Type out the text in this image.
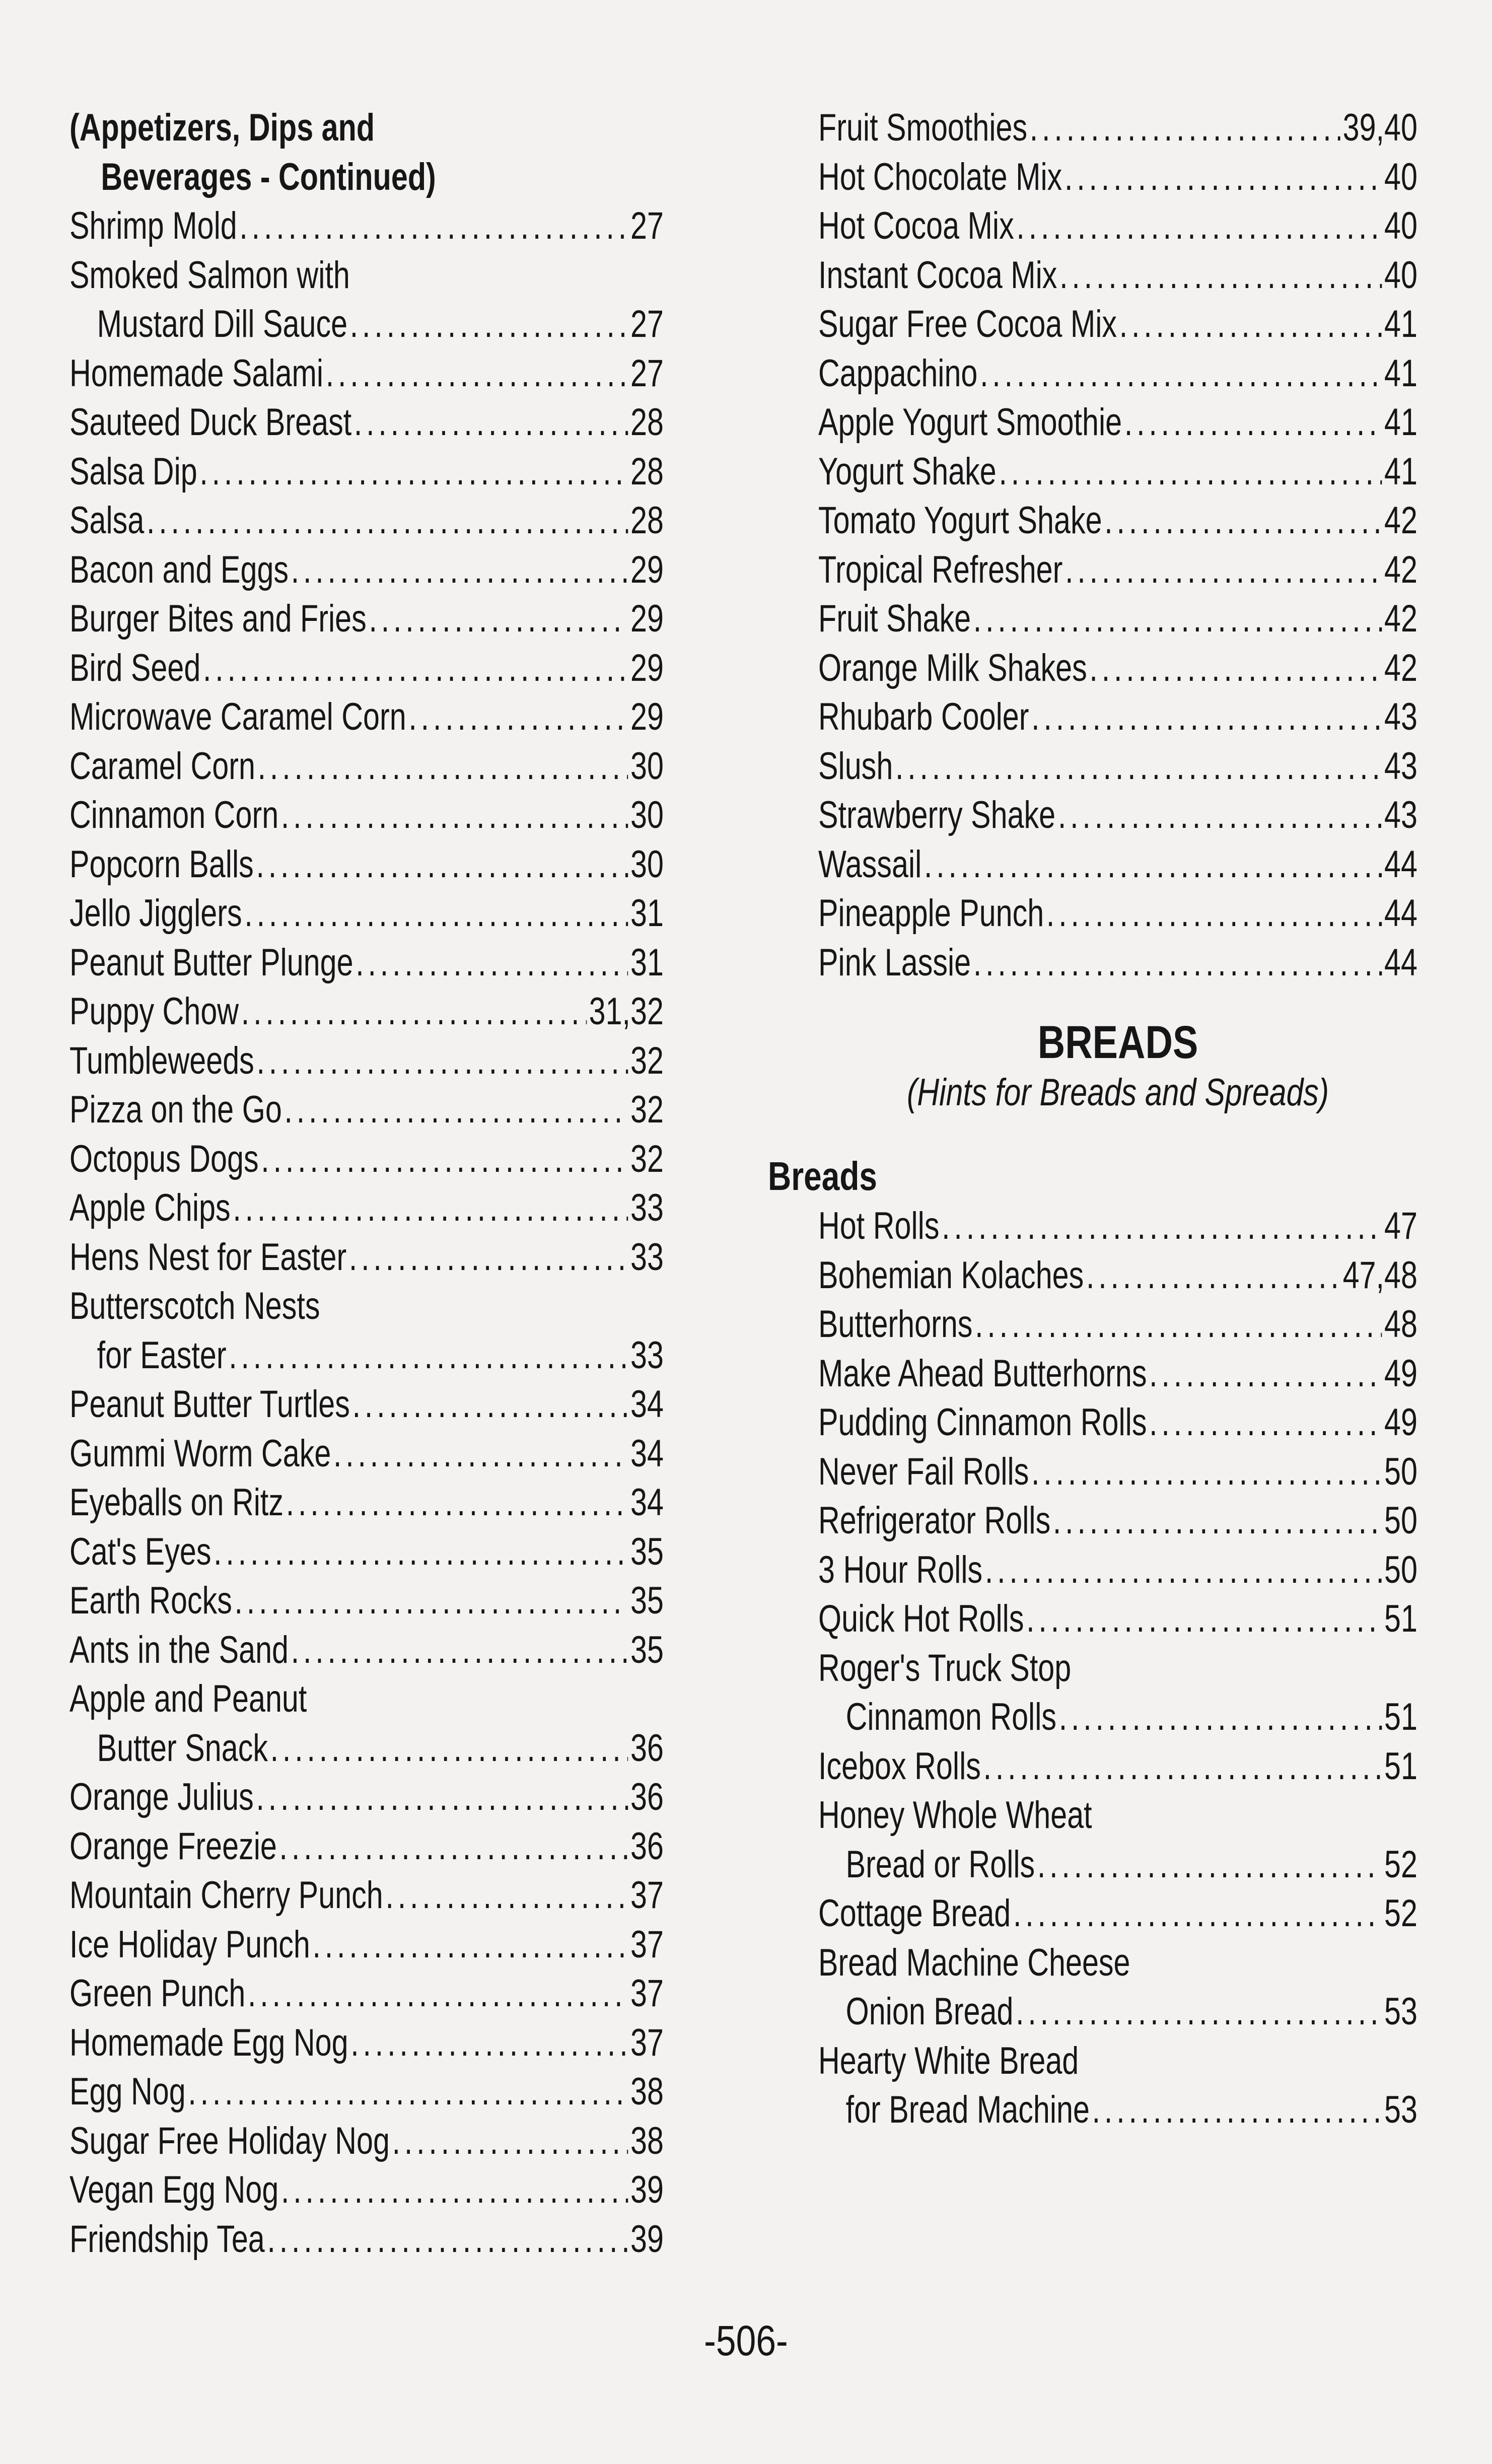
(Appetizers, Dips and
Beverages - Continued)
Shrimp Mold .....	27
Smoked Salmon with
Mustard Dill Sauce .....	27
Homemade Salami .....	27
Sauteed Duck Breast .....	28
Salsa Dip .....	28
Salsa .....	28
Bacon and Eggs .....	29
Burger Bites and Fries .....	29
Bird Seed .....	29
Microwave Caramel Corn .....	29
Caramel Corn .....	30
Cinnamon Corn .....	30
Popcorn Balls .....	30
Jello Jigglers .....	31
Peanut Butter Plunge .....	31
Puppy Chow .....	31,32
Tumbleweeds .....	32
Pizza on the Go .....	32
Octopus Dogs .....	32
Apple Chips .....	33
Hens Nest for Easter .....	33
Butterscotch Nests
for Easter .....	33
Peanut Butter Turtles .....	34
Gummi Worm Cake .....	34
Eyeballs on Ritz .....	34
Cat's Eyes .....	35
Earth Rocks .....	35
Ants in the Sand .....	35
Apple and Peanut
Butter Snack .....	36
Orange Julius .....	36
Orange Freezie .....	36
Mountain Cherry Punch .....	37
Ice Holiday Punch .....	37
Green Punch .....	37
Homemade Egg Nog .....	37
Egg Nog .....	38
Sugar Free Holiday Nog .....	38
Vegan Egg Nog .....	39
Friendship Tea .....	39
Fruit Smoothies .....	39,40
Hot Chocolate Mix .....	40
Hot Cocoa Mix .....	40
Instant Cocoa Mix .....	40
Sugar Free Cocoa Mix .....	41
Cappachino .....	41
Apple Yogurt Smoothie .....	41
Yogurt Shake .....	41
Tomato Yogurt Shake .....	42
Tropical Refresher .....	42
Fruit Shake .....	42
Orange Milk Shakes .....	42
Rhubarb Cooler .....	43
Slush .....	43
Strawberry Shake .....	43
Wassail .....	44
Pineapple Punch .....	44
Pink Lassie .....	44
BREADS
(Hints for Breads and Spreads)
Breads
Hot Rolls .....	47
Bohemian Kolaches .....	47,48
Butterhorns .....	48
Make Ahead Butterhorns .....	49
Pudding Cinnamon Rolls .....	49
Never Fail Rolls .....	50
Refrigerator Rolls .....	50
3 Hour Rolls .....	50
Quick Hot Rolls .....	51
Roger's Truck Stop
Cinnamon Rolls .....	51
Icebox Rolls .....	51
Honey Whole Wheat
Bread or Rolls .....	52
Cottage Bread .....	52
Bread Machine Cheese
Onion Bread .....	53
Hearty White Bread
for Bread Machine .....	53
-506-
